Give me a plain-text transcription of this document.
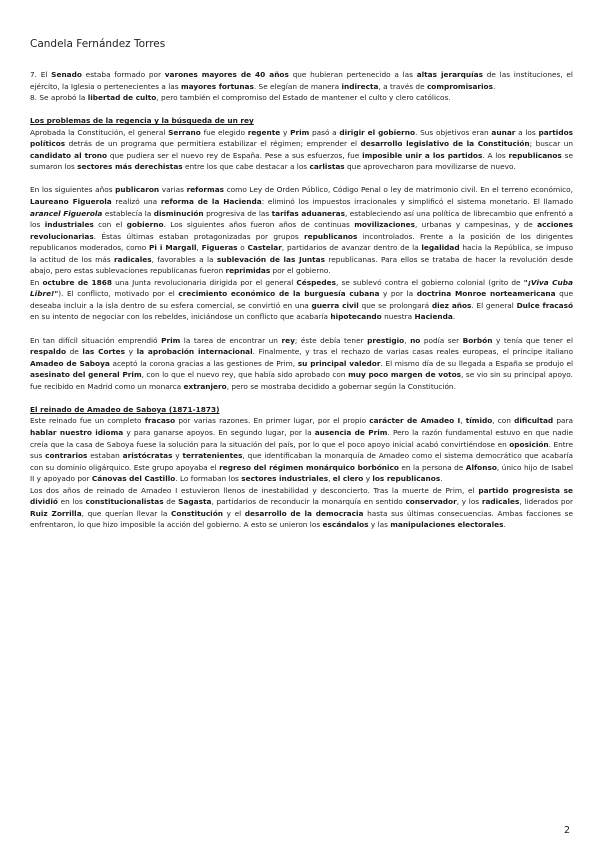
Candela Fernández Torres

7. El Senado estaba formado por varones mayores de 40 años que hubieran pertenecido a las altas jerarquías de las instituciones, el ejército, la Iglesia o pertenecientes a las mayores fortunas. Se elegían de manera indirecta, a través de compromisarios.

8. Se aprobó la libertad de culto, pero también el compromiso del Estado de mantener el culto y clero católicos.

Los problemas de la regencia y la búsqueda de un rey

Aprobada la Constitución, el general Serrano fue elegido regente y Prim pasó a dirigir el gobierno. Sus objetivos eran aunar a los partidos políticos detrás de un programa que permitiera estabilizar el régimen; emprender el desarrollo legislativo de la Constitución; buscar un candidato al trono que pudiera ser el nuevo rey de España. Pese a sus esfuerzos, fue imposible unir a los partidos. A los republicanos se sumaron los sectores más derechistas entre los que cabe destacar a los carlistas que aprovecharon para movilizarse de nuevo.

En los siguientes años publicaron varias reformas como Ley de Orden Público, Código Penal o ley de matrimonio civil. En el terreno económico, Laureano Figuerola realizó una reforma de la Hacienda: eliminó los impuestos irracionales y simplificó el sistema monetario. El llamado arancel Figuerola establecía la disminución progresiva de las tarifas aduaneras, estableciendo así una política de librecambio que enfrentó a los industriales con el gobierno. Los siguientes años fueron años de continuas movilizaciones, urbanas y campesinas, y de acciones revolucionarias. Éstas últimas estaban protagonizadas por grupos republicanos incontrolados. Frente a la posición de los dirigentes republicanos moderados, como Pi i Margall, Figueras o Castelar, partidarios de avanzar dentro de la legalidad hacia la República, se impuso la actitud de los más radicales, favorables a la sublevación de las Juntas republicanas. Para ellos se trataba de hacer la revolución desde abajo, pero estas sublevaciones republicanas fueron reprimidas por el gobierno.

En octubre de 1868 una Junta revolucionaria dirigida por el general Céspedes, se sublevó contra el gobierno colonial (grito de "¡Viva Cuba Libre!"). El conflicto, motivado por el crecimiento económico de la burguesía cubana y por la doctrina Monroe norteamericana que deseaba incluir a la isla dentro de su esfera comercial, se convirtió en una guerra civil que se prolongará diez años. El general Dulce fracasó en su intento de negociar con los rebeldes, iniciándose un conflicto que acabaría hipotecando nuestra Hacienda.

En tan difícil situación emprendió Prim la tarea de encontrar un rey; éste debía tener prestigio, no podía ser Borbón y tenía que tener el respaldo de las Cortes y la aprobación internacional. Finalmente, y tras el rechazo de varias casas reales europeas, el príncipe italiano Amadeo de Saboya aceptó la corona gracias a las gestiones de Prim, su principal valedor. El mismo día de su llegada a España se produjo el asesinato del general Prim, con lo que el nuevo rey, que había sido aprobado con muy poco margen de votos, se vio sin su principal apoyo. fue recibido en Madrid como un monarca extranjero, pero se mostraba decidido a gobernar según la Constitución.

El reinado de Amadeo de Saboya (1871-1873)

Este reinado fue un completo fracaso por varias razones. En primer lugar, por el propio carácter de Amadeo I, tímido, con dificultad para hablar nuestro idioma y para ganarse apoyos. En segundo lugar, por la ausencia de Prim. Pero la razón fundamental estuvo en que nadie creía que la casa de Saboya fuese la solución para la situación del país, por lo que el poco apoyo inicial acabó convirtiéndose en oposición. Entre sus contrarios estaban aristócratas y terratenientes, que identificaban la monarquía de Amadeo como el sistema democrático que acabaría con su dominio oligárquico. Este grupo apoyaba el regreso del régimen monárquico borbónico en la persona de Alfonso, único hijo de Isabel II y apoyado por Cánovas del Castillo. Lo formaban los sectores industriales, el clero y los republicanos.

Los dos años de reinado de Amadeo I estuvieron llenos de inestabilidad y desconcierto. Tras la muerte de Prim, el partido progresista se dividió en los constitucionalistas de Sagasta, partidarios de reconducir la monarquía en sentido conservador, y los radicales, liderados por Ruiz Zorrilla, que querían llevar la Constitución y el desarrollo de la democracia hasta sus últimas consecuencias. Ambas facciones se enfrentaron, lo que hizo imposible la acción del gobierno. A esto se unieron los escándalos y las manipulaciones electorales.

2
